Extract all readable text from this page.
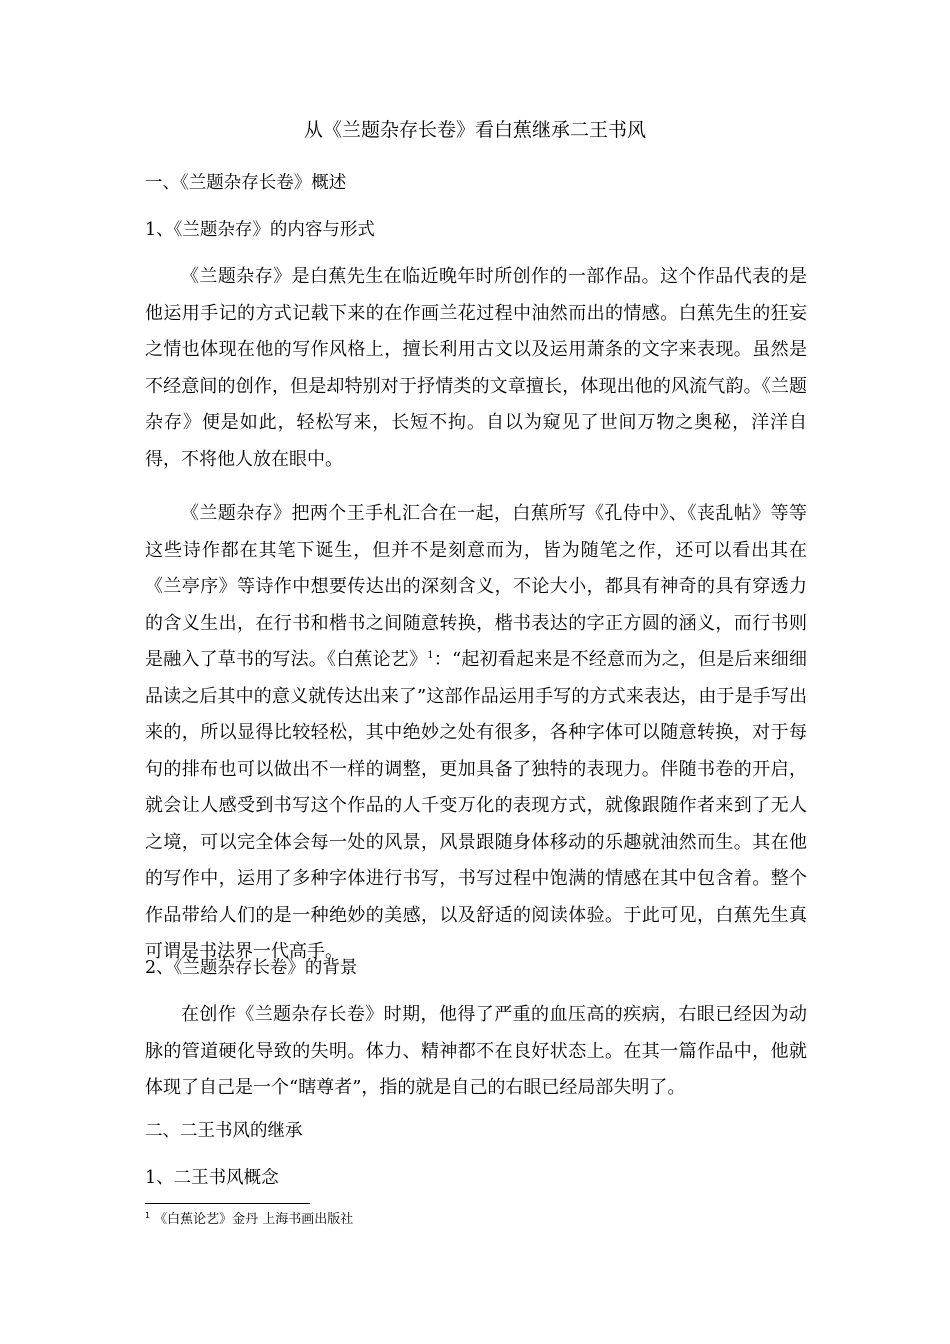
从《兰题杂存长卷》看白蕉继承二王书风
一、《兰题杂存长卷》概述
1、《兰题杂存》的内容与形式

《兰题杂存》是白蕉先生在临近晚年时所创作的一部作品。这个作品代表的是他运用手记的方式记载下来的在作画兰花过程中油然而出的情感。白蕉先生的狂妄之情也体现在他的写作风格上，擅长利用古文以及运用萧条的文字来表现。虽然是不经意间的创作，但是却特别对于抒情类的文章擅长，体现出他的风流气韵。《兰题杂存》便是如此，轻松写来，长短不拘。自以为窥见了世间万物之奥秘，洋洋自得，不将他人放在眼中。

《兰题杂存》把两个王手札汇合在一起，白蕉所写《孔侍中》、《丧乱帖》等等这些诗作都在其笔下诞生，但并不是刻意而为，皆为随笔之作，还可以看出其在《兰亭序》等诗作中想要传达出的深刻含义，不论大小，都具有神奇的具有穿透力的含义生出，在行书和楷书之间随意转换，楷书表达的字正方圆的涵义，而行书则是融入了草书的写法。《白蕉论艺》$^1$：“起初看起来是不经意而为之，但是后来细细品读之后其中的意义就传达出来了”这部作品运用手写的方式来表达，由于是手写出来的，所以显得比较轻松，其中绝妙之处有很多，各种字体可以随意转换，对于每句的排布也可以做出不一样的调整，更加具备了独特的表现力。伴随书卷的开启，就会让人感受到书写这个作品的人千变万化的表现方式，就像跟随作者来到了无人之境，可以完全体会每一处的风景，风景跟随身体移动的乐趣就油然而生。其在他的写作中，运用了多种字体进行书写，书写过程中饱满的情感在其中包含着。整个作品带给人们的是一种绝妙的美感，以及舒适的阅读体验。于此可见，白蕉先生真可谓是书法界一代高手。

2、《兰题杂存长卷》的背景

在创作《兰题杂存长卷》时期，他得了严重的血压高的疾病，右眼已经因为动脉的管道硬化导致的失明。体力、精神都不在良好状态上。在其一篇作品中，他就体现了自己是一个“瞎尊者”，指的就是自己的右眼已经局部失明了。

二、二王书风的继承
1、二王书风概念
$^1$ 《白蕉论艺》金丹 上海书画出版社
